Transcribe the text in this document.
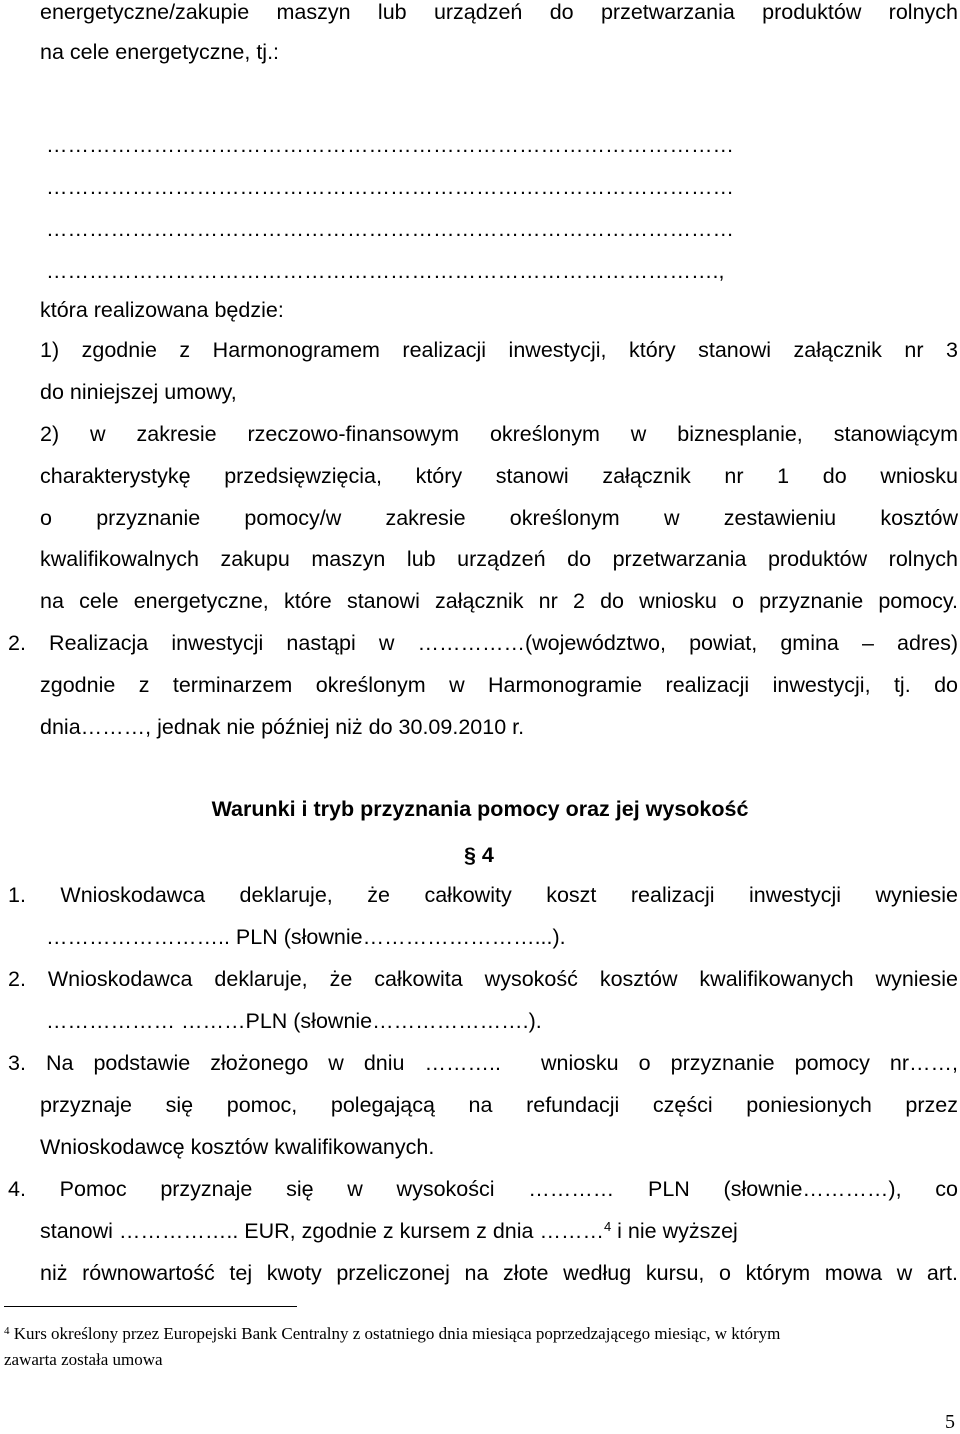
energetyczne/zakupie maszyn lub urządzeń do przetwarzania produktów rolnych
na cele energetyczne, tj.:
……………………………………………………………………………………
……………………………………………………………………………………
……………………………………………………………………………………
………………………………………………………………………………….,
która realizowana będzie:
1) zgodnie z Harmonogramem realizacji inwestycji, który stanowi załącznik nr 3
do niniejszej umowy,
2) w zakresie rzeczowo-finansowym określonym w biznesplanie, stanowiącym
charakterystykę przedsięwzięcia, który stanowi załącznik nr 1 do wniosku
o przyznanie pomocy/w zakresie określonym w zestawieniu kosztów
kwalifikowalnych zakupu maszyn lub urządzeń do przetwarzania produktów rolnych
na cele energetyczne, które stanowi załącznik nr 2 do wniosku o przyznanie pomocy.
2. Realizacja inwestycji nastąpi w ……………(województwo, powiat, gmina – adres)
zgodnie z terminarzem określonym w Harmonogramie realizacji inwestycji, tj. do
dnia………, jednak nie później niż do 30.09.2010 r.
Warunki i tryb przyznania pomocy oraz jej wysokość
§ 4
1. Wnioskodawca deklaruje, że całkowity koszt realizacji inwestycji wyniesie
…………………….. PLN (słownie……………………...).
2. Wnioskodawca deklaruje, że całkowita wysokość kosztów kwalifikowanych wyniesie
……………… ………PLN (słownie………………….).
3. Na podstawie złożonego w dniu ………..  wniosku o przyznanie pomocy nr……,
przyznaje się pomoc, polegającą na refundacji części poniesionych przez
Wnioskodawcę kosztów kwalifikowanych.
4. Pomoc przyznaje się w wysokości ………… PLN (słownie…………), co
stanowi …………….. EUR, zgodnie z kursem z dnia ………$^4$ i nie wyższej
niż równowartość tej kwoty przeliczonej na złote według kursu, o którym mowa w art.
$^4$ Kurs określony przez Europejski Bank Centralny z ostatniego dnia miesiąca poprzedzającego miesiąc, w którym
zawarta została umowa
5
